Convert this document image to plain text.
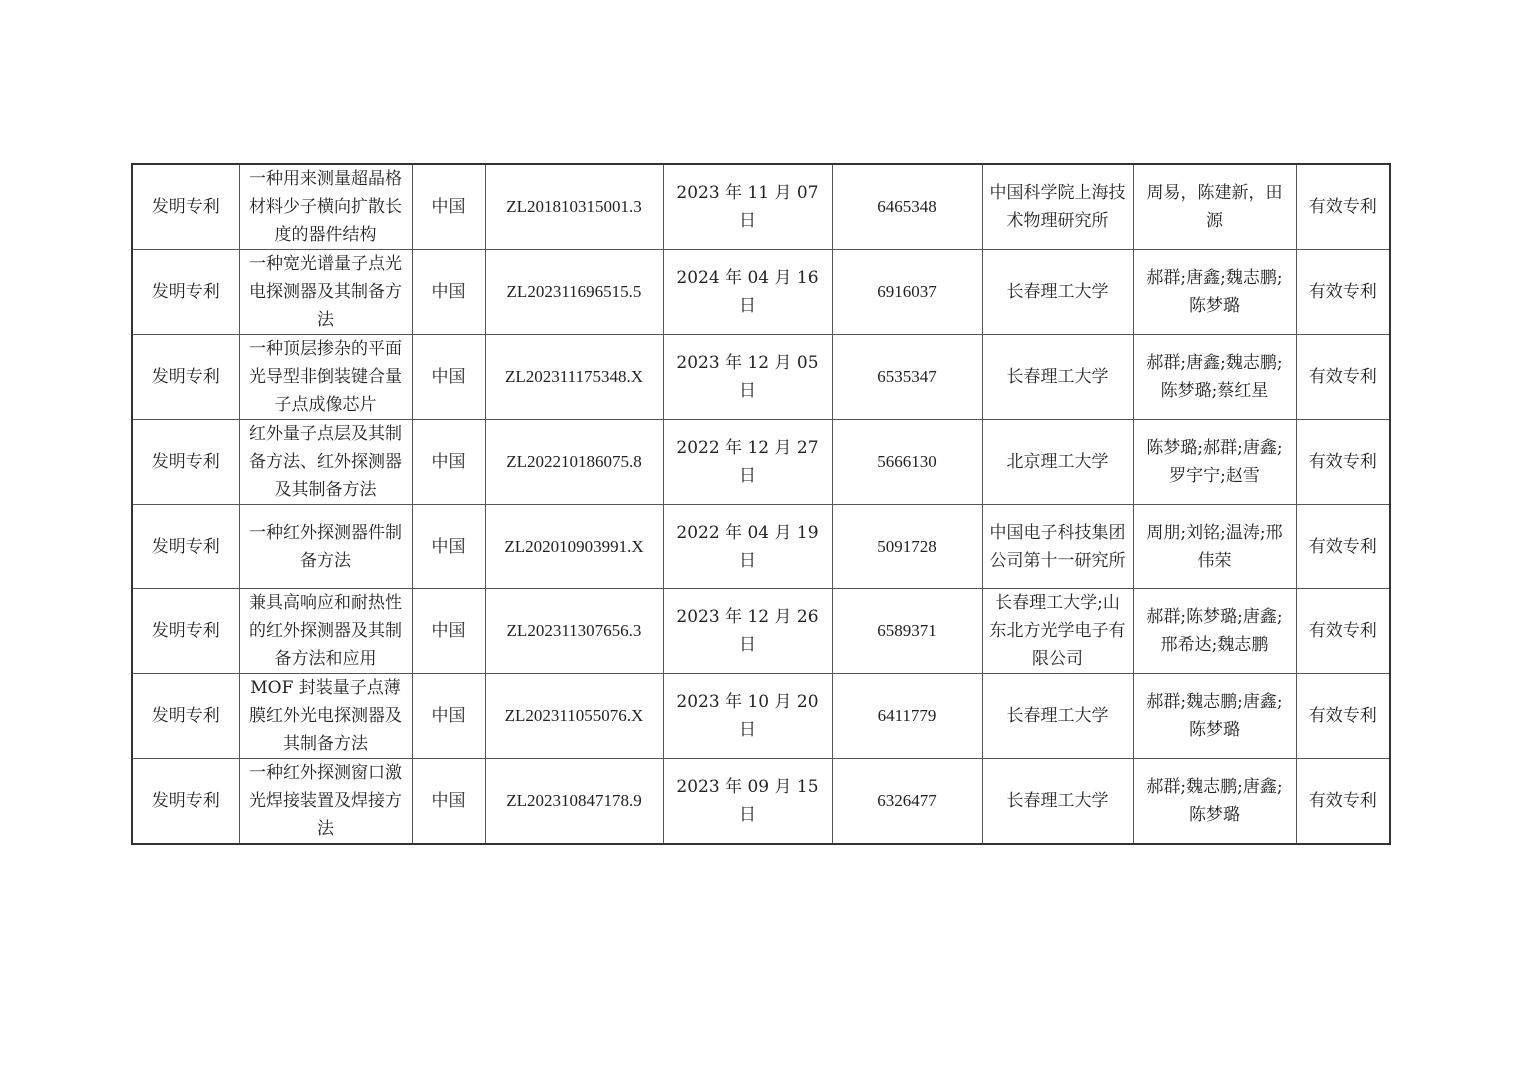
发明专利	一种用来测量超晶格材料少子横向扩散长度的器件结构	中国	ZL201810315001.3	2023 年 11 月 07 日	6465348	中国科学院上海技术物理研究所	周易，陈建新，田源	有效专利
发明专利	一种宽光谱量子点光电探测器及其制备方法	中国	ZL202311696515.5	2024 年 04 月 16 日	6916037	长春理工大学	郝群;唐鑫;魏志鹏;陈梦璐	有效专利
发明专利	一种顶层掺杂的平面光导型非倒装键合量子点成像芯片	中国	ZL202311175348.X	2023 年 12 月 05 日	6535347	长春理工大学	郝群;唐鑫;魏志鹏;陈梦璐;蔡红星	有效专利
发明专利	红外量子点层及其制备方法、红外探测器及其制备方法	中国	ZL202210186075.8	2022 年 12 月 27 日	5666130	北京理工大学	陈梦璐;郝群;唐鑫;罗宇宁;赵雪	有效专利
发明专利	一种红外探测器件制备方法	中国	ZL202010903991.X	2022 年 04 月 19 日	5091728	中国电子科技集团公司第十一研究所	周朋;刘铭;温涛;邢伟荣	有效专利
发明专利	兼具高响应和耐热性的红外探测器及其制备方法和应用	中国	ZL202311307656.3	2023 年 12 月 26 日	6589371	长春理工大学;山东北方光学电子有限公司	郝群;陈梦璐;唐鑫;邢希达;魏志鹏	有效专利
发明专利	MOF 封装量子点薄膜红外光电探测器及其制备方法	中国	ZL202311055076.X	2023 年 10 月 20 日	6411779	长春理工大学	郝群;魏志鹏;唐鑫;陈梦璐	有效专利
发明专利	一种红外探测窗口激光焊接装置及焊接方法	中国	ZL202310847178.9	2023 年 09 月 15 日	6326477	长春理工大学	郝群;魏志鹏;唐鑫;陈梦璐	有效专利
